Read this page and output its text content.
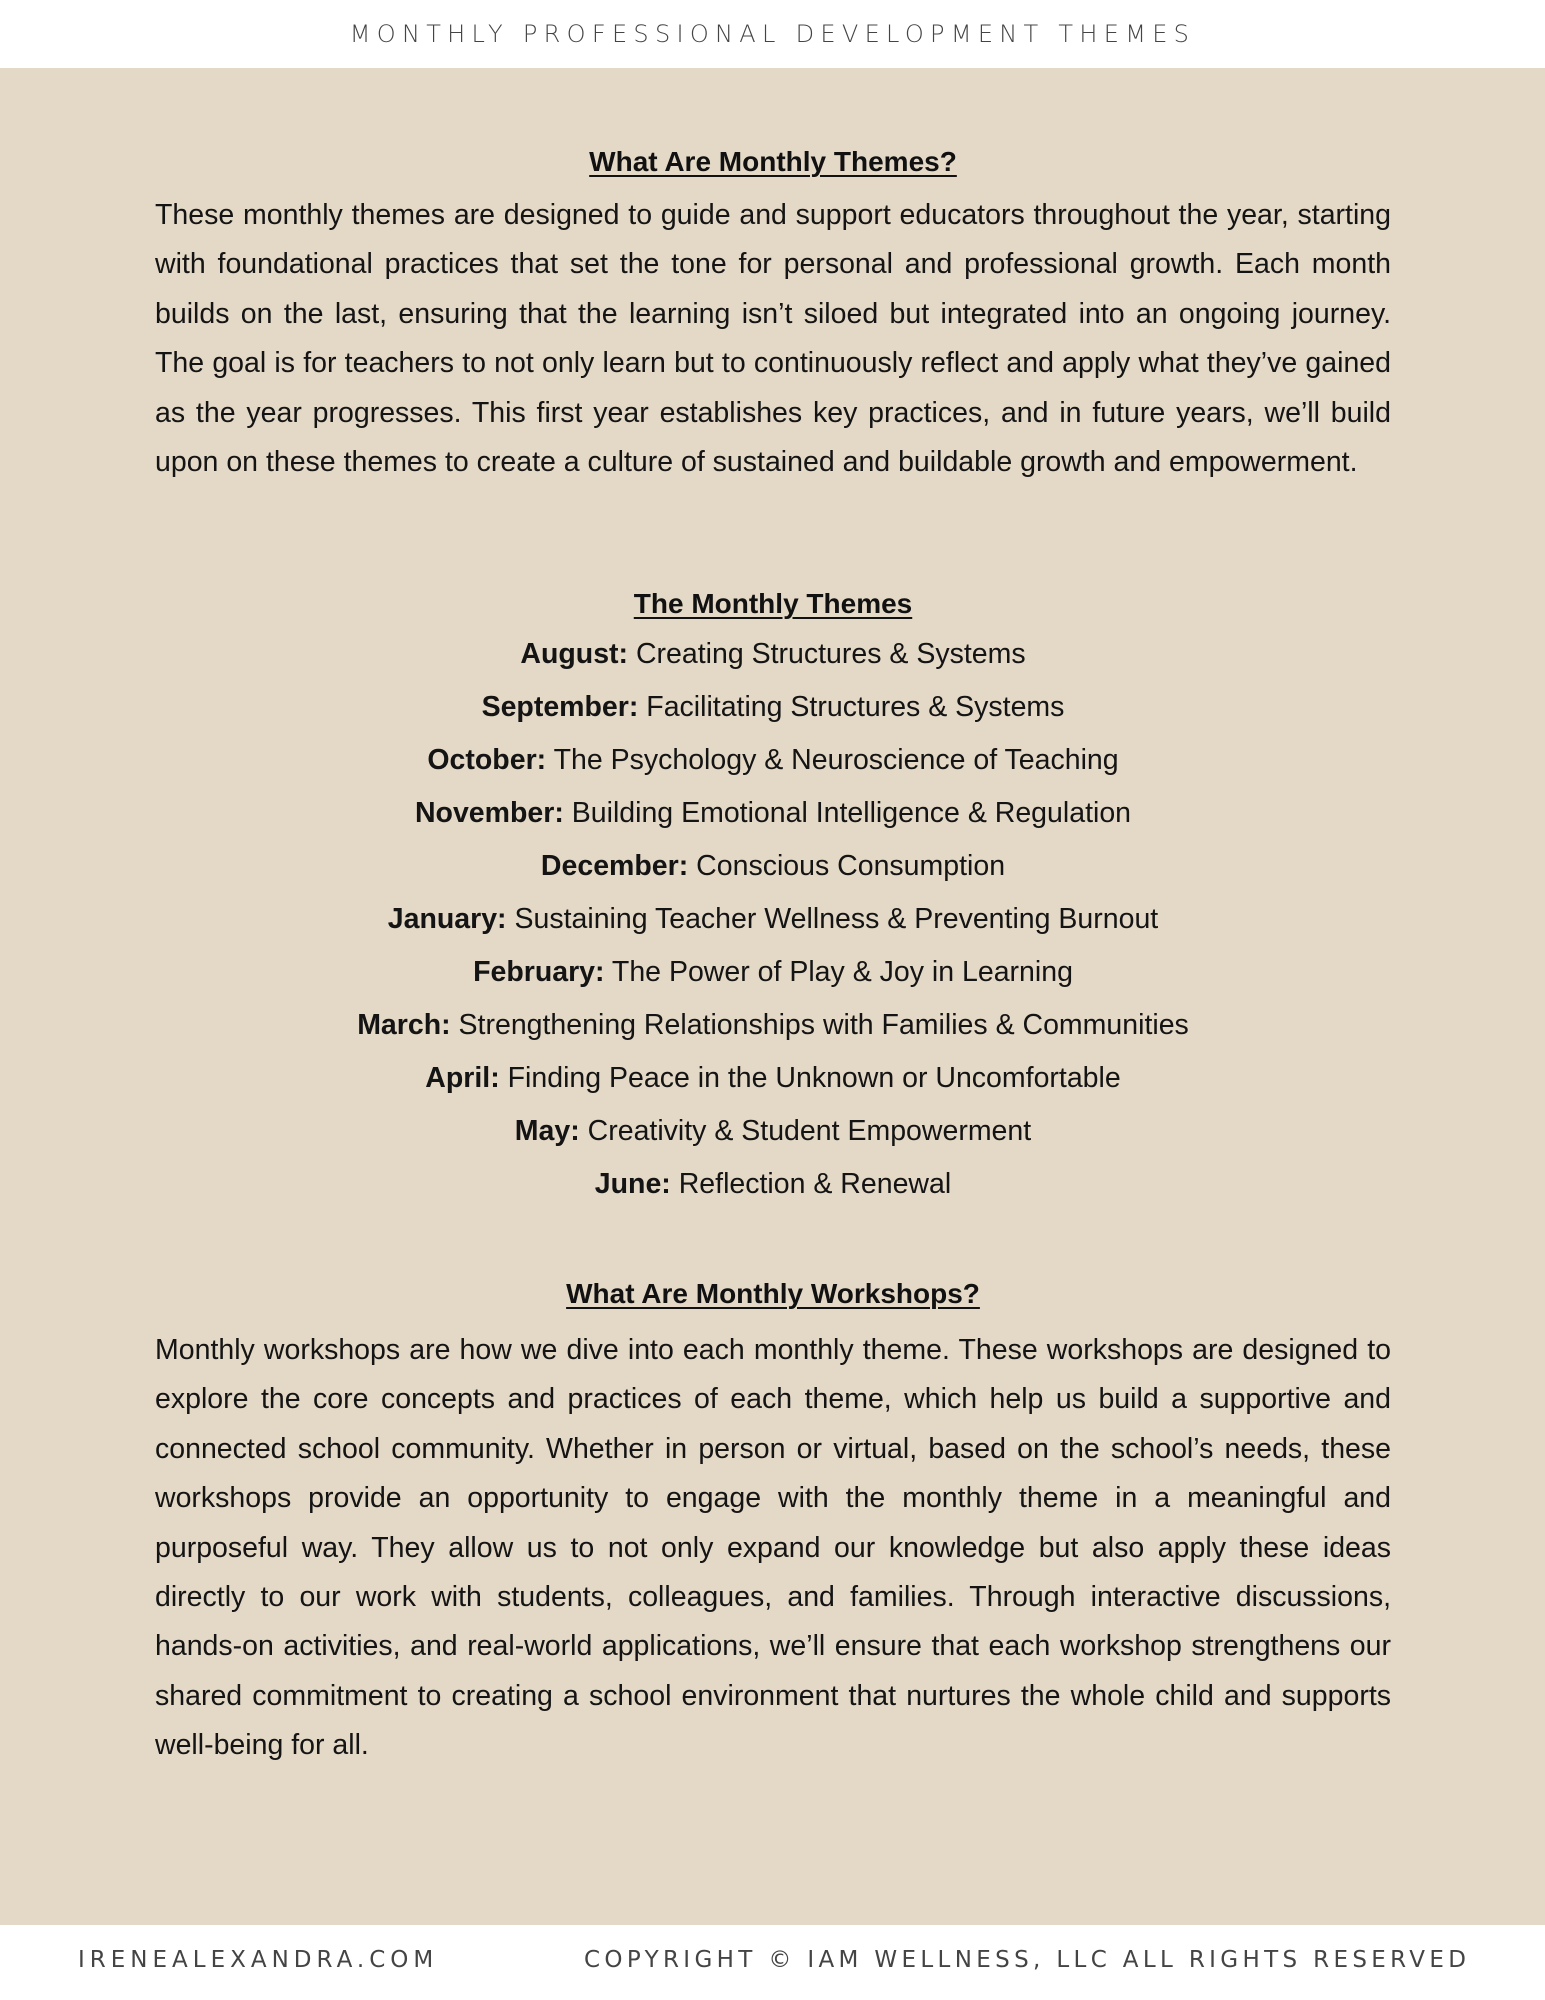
MONTHLY PROFESSIONAL DEVELOPMENT THEMES
What Are Monthly Themes?

These monthly themes are designed to guide and support educators throughout the year, starting with foundational practices that set the tone for personal and professional growth. Each month builds on the last, ensuring that the learning isn’t siloed but integrated into an ongoing journey. The goal is for teachers to not only learn but to continuously reflect and apply what they’ve gained as the year progresses. This first year establishes key practices, and in future years, we’ll build upon on these themes to create a culture of sustained and buildable growth and empowerment.

The Monthly Themes
August: Creating Structures & Systems
September: Facilitating Structures & Systems
October: The Psychology & Neuroscience of Teaching
November: Building Emotional Intelligence & Regulation
December: Conscious Consumption
January: Sustaining Teacher Wellness & Preventing Burnout
February: The Power of Play & Joy in Learning
March: Strengthening Relationships with Families & Communities
April: Finding Peace in the Unknown or Uncomfortable
May: Creativity & Student Empowerment
June: Reflection & Renewal
What Are Monthly Workshops?

Monthly workshops are how we dive into each monthly theme. These workshops are designed to explore the core concepts and practices of each theme, which help us build a supportive and connected school community. Whether in person or virtual, based on the school’s needs, these workshops provide an opportunity to engage with the monthly theme in a meaningful and purposeful way. They allow us to not only expand our knowledge but also apply these ideas directly to our work with students, colleagues, and families. Through interactive discussions, hands-on activities, and real-world applications, we’ll ensure that each workshop strengthens our shared commitment to creating a school environment that nurtures the whole child and supports well-being for all.

IRENEALEXANDRA.COM	COPYRIGHT © IAM WELLNESS, LLC ALL RIGHTS RESERVED
